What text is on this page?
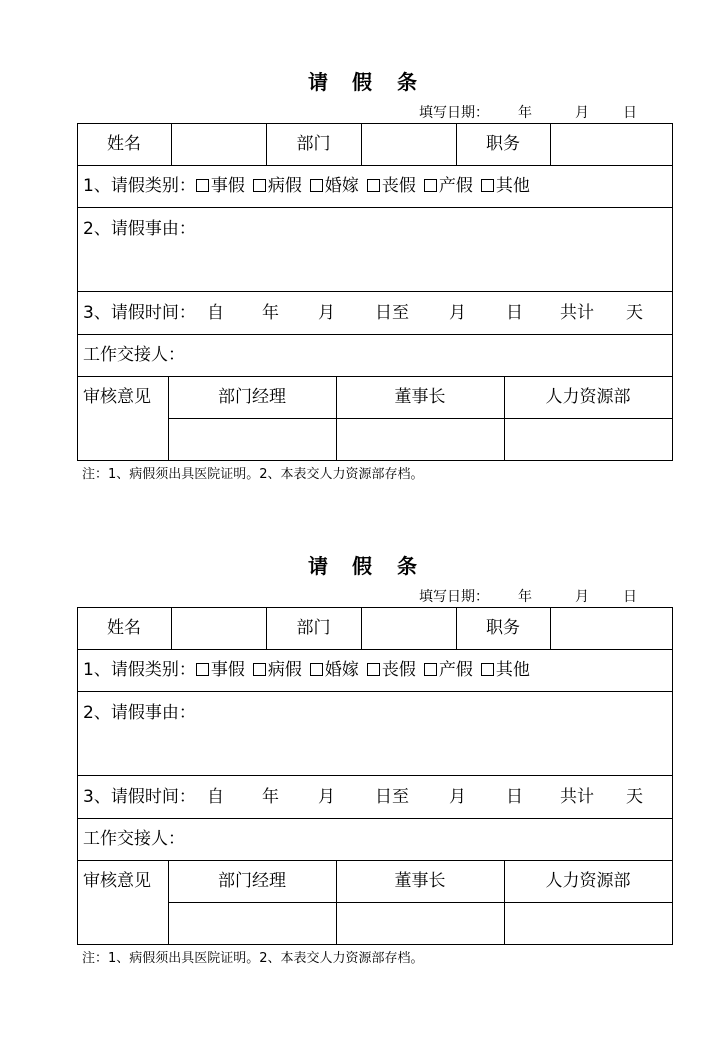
请 假 条
填写日期： 年	月 日
姓名	部门	职务
1、请假类别： 事假 病假 婚嫁 丧假 产假 其他
2、请假事由：
3、请假时间： 自 年 月 日至 月 日 共计 天
工作交接人：
审核意见	部门经理	董事长	人力资源部
注：1、病假须出具医院证明。2、本表交人力资源部存档。
请 假 条
填写日期： 年	月 日
姓名	部门	职务
1、请假类别： 事假 病假 婚嫁 丧假 产假 其他
2、请假事由：
3、请假时间： 自 年 月 日至 月 日 共计 天
工作交接人：
审核意见	部门经理	董事长	人力资源部
注：1、病假须出具医院证明。2、本表交人力资源部存档。
